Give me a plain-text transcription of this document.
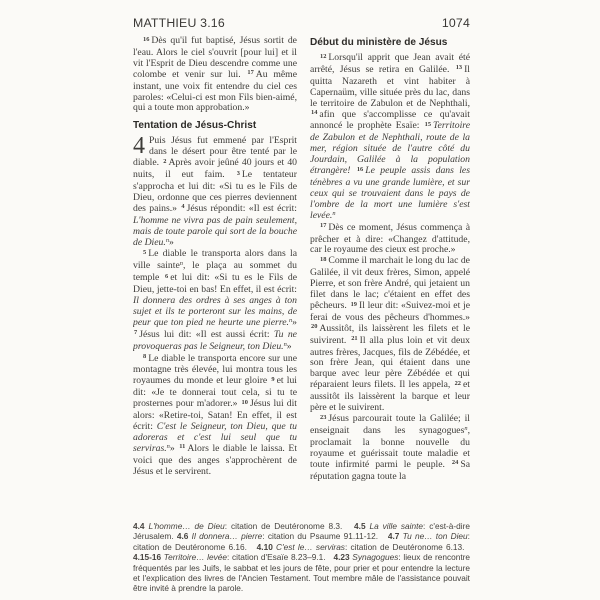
MATTHIEU 3.16	1074

$^{16}$ Dès qu'il fut baptisé, Jésus sortit de l'eau. Alors le ciel s'ouvrit [pour lui] et il vit l'Esprit de Dieu descendre comme une colombe et venir sur lui. $^{17}$ Au même instant, une voix fit entendre du ciel ces paroles: «Celui-ci est mon Fils bien-aimé, qui a toute mon approbation.»

Tentation de Jésus-Christ

4 Puis Jésus fut emmené par l'Esprit dans le désert pour être tenté par le diable. $^2$ Après avoir jeûné 40 jours et 40 nuits, il eut faim. $^3$ Le tentateur s'approcha et lui dit: «Si tu es le Fils de Dieu, ordonne que ces pierres deviennent des pains.» $^4$ Jésus répondit: «Il est écrit: L'homme ne vivra pas de pain seulement, mais de toute parole qui sort de la bouche de Dieu.$^n$»

$^5$ Le diable le transporta alors dans la ville sainte$^n$, le plaça au sommet du temple $^6$ et lui dit: «Si tu es le Fils de Dieu, jette-toi en bas! En effet, il est écrit: Il donnera des ordres à ses anges à ton sujet et ils te porteront sur les mains, de peur que ton pied ne heurte une pierre.$^n$» $^7$ Jésus lui dit: «Il est aussi écrit: Tu ne provoqueras pas le Seigneur, ton Dieu.$^n$»

$^8$ Le diable le transporta encore sur une montagne très élevée, lui montra tous les royaumes du monde et leur gloire $^9$ et lui dit: «Je te donnerai tout cela, si tu te prosternes pour m'adorer.» $^{10}$ Jésus lui dit alors: «Retire-toi, Satan! En effet, il est écrit: C'est le Seigneur, ton Dieu, que tu adoreras et c'est lui seul que tu serviras.$^n$» $^{11}$ Alors le diable le laissa. Et voici que des anges s'approchèrent de Jésus et le servirent.

Début du ministère de Jésus

$^{12}$ Lorsqu'il apprit que Jean avait été arrêté, Jésus se retira en Galilée. $^{13}$ Il quitta Nazareth et vint habiter à Capernaüm, ville située près du lac, dans le territoire de Zabulon et de Nephthali, $^{14}$ afin que s'accomplisse ce qu'avait annoncé le prophète Esaïe: $^{15}$ Territoire de Zabulon et de Nephthali, route de la mer, région située de l'autre côté du Jourdain, Galilée à la population étrangère! $^{16}$ Le peuple assis dans les ténèbres a vu une grande lumière, et sur ceux qui se trouvaient dans le pays de l'ombre de la mort une lumière s'est levée.$^n$

$^{17}$ Dès ce moment, Jésus commença à prêcher et à dire: «Changez d'attitude, car le royaume des cieux est proche.»

$^{18}$ Comme il marchait le long du lac de Galilée, il vit deux frères, Simon, appelé Pierre, et son frère André, qui jetaient un filet dans le lac; c'étaient en effet des pêcheurs. $^{19}$ Il leur dit: «Suivez-moi et je ferai de vous des pêcheurs d'hommes.» $^{20}$ Aussitôt, ils laissèrent les filets et le suivirent. $^{21}$ Il alla plus loin et vit deux autres frères, Jacques, fils de Zébédée, et son frère Jean, qui étaient dans une barque avec leur père Zébédée et qui réparaient leurs filets. Il les appela, $^{22}$ et aussitôt ils laissèrent la barque et leur père et le suivirent.

$^{23}$ Jésus parcourait toute la Galilée; il enseignait dans les synagogues$^n$, proclamait la bonne nouvelle du royaume et guérissait toute maladie et toute infirmité parmi le peuple. $^{24}$ Sa réputation gagna toute la

4.4 L'homme… de Dieu: citation de Deutéronome 8.3.   4.5 La ville sainte: c'est-à-dire Jérusalem. 4.6 Il donnera… pierre: citation du Psaume 91.11-12.   4.7 Tu ne… ton Dieu: citation de Deutéronome 6.16.   4.10 C'est le… serviras: citation de Deutéronome 6.13.   4.15-16 Territoire… levée: citation d'Esaïe 8.23–9.1.   4.23 Synagogues: lieux de rencontre fréquentés par les Juifs, le sabbat et les jours de fête, pour prier et pour entendre la lecture et l'explication des livres de l'Ancien Testament. Tout membre mâle de l'assistance pouvait être invité à prendre la parole.
